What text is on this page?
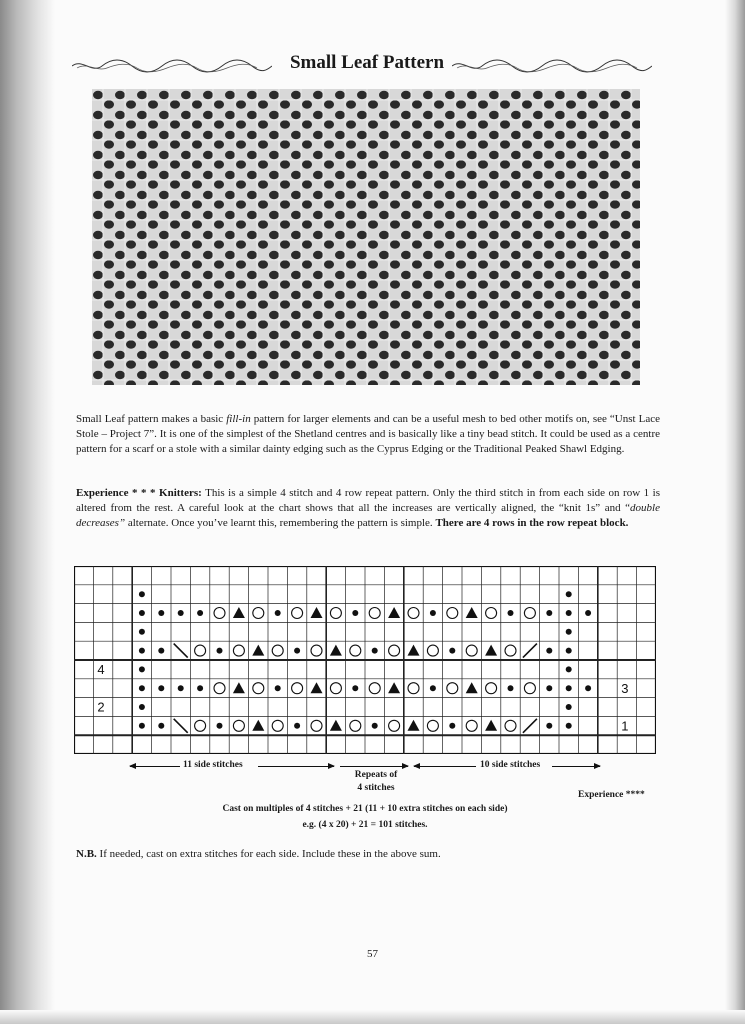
Small Leaf Pattern
Small Leaf pattern makes a basic fill-in pattern for larger elements and can be a useful mesh to bed other motifs on, see “Unst Lace Stole – Project 7”. It is one of the simplest of the Shetland centres and is basically like a tiny bead stitch. It could be used as a centre pattern for a scarf or a stole with a similar dainty edging such as the Cyprus Edging or the Traditional Peaked Shawl Edging.
Experience * * * Knitters: This is a simple 4 stitch and 4 row repeat pattern. Only the third stitch in from each side on row 1 is altered from the rest. A careful look at the chart shows that all the increases are vertically aligned, the “knit 1s” and “double decreases” alternate. Once you’ve learnt this, remembering the pattern is simple. There are 4 rows in the row repeat block.
4
2
3
1
11 side stitches	10 side stitches
Repeats of
4 stitches
Experience ****
Cast on multiples of 4 stitches + 21 (11 + 10 extra stitches on each side)
e.g. (4 x 20) + 21 = 101 stitches.
N.B. If needed, cast on extra stitches for each side. Include these in the above sum.
57
